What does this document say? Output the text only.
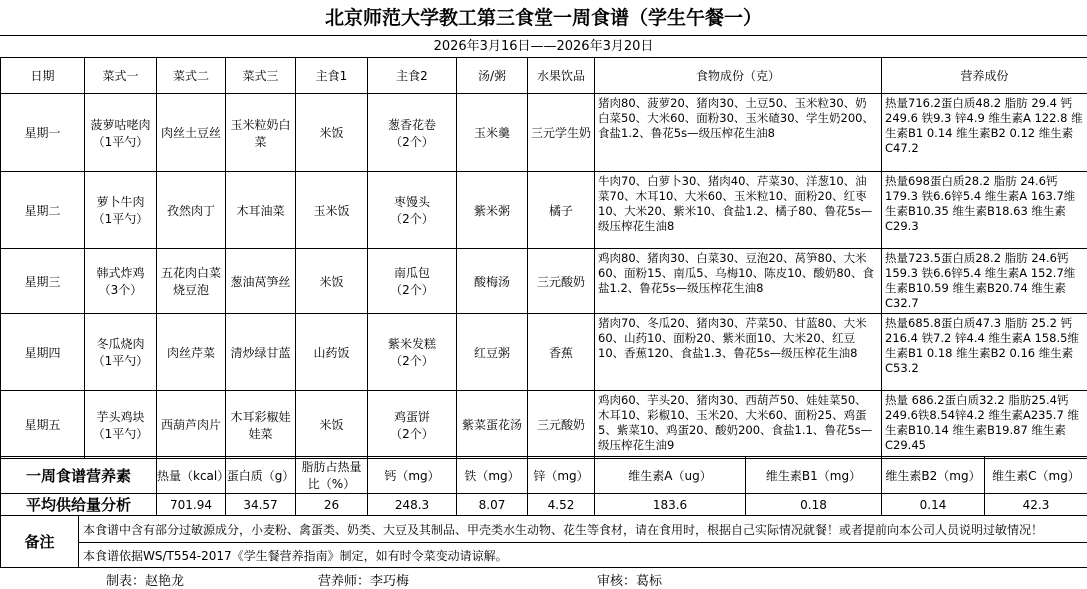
北京师范大学教工第三食堂一周食谱（学生午餐一）
2026年3月16日——2026年3月20日
日期	菜式一	菜式二	菜式三	主食1	主食2	汤/粥	水果饮品	食物成份（克）	营养成份
星期一	菠萝咕咾肉
（1平勺）	肉丝土豆丝	玉米粒奶白菜	米饭	葱香花卷
（2个）	玉米羹	三元学生奶	猪肉80、菠萝20、猪肉30、土豆50、玉米粒30、奶白菜50、大米60、面粉30、玉米碴30、学生奶200、食盐1.2、鲁花5s—级压榨花生油8	热量716.2蛋白质48.2 脂肪 29.4 钙249.6 铁9.3 锌4.9 维生素A 122.8 维生素B1 0.14 维生素B2 0.12 维生素C47.2
星期二	萝卜牛肉
（1平勺）	孜然肉丁	木耳油菜	玉米饭	枣馒头
（2个）	紫米粥	橘子	牛肉70、白萝卜30、猪肉40、芹菜30、洋葱10、油菜70、木耳10、大米60、玉米粒10、面粉20、红枣10、大米20、紫米10、食盐1.2、橘子80、鲁花5s—级压榨花生油8	热量698蛋白质28.2 脂肪 24.6钙179.3 铁6.6锌5.4 维生素A 163.7维生素B10.35 维生素B18.63 维生素C29.3
星期三	韩式炸鸡
（3个）	五花肉白菜烧豆泡	葱油莴笋丝	米饭	南瓜包
（2个）	酸梅汤	三元酸奶	鸡肉80、猪肉30、白菜30、豆泡20、莴笋80、大米60、面粉15、南瓜5、乌梅10、陈皮10、酸奶80、食盐1.2、鲁花5s—级压榨花生油8	热量723.5蛋白质28.2 脂肪 24.6钙159.3 铁6.6锌5.4 维生素A 152.7维生素B10.59 维生素B20.74 维生素C32.7
星期四	冬瓜烧肉
（1平勺）	肉丝芹菜	清炒绿甘蓝	山药饭	紫米发糕
（2个）	红豆粥	香蕉	猪肉70、冬瓜20、猪肉30、芹菜50、甘蓝80、大米60、山药10、面粉20、紫米面10、大米20、红豆10、香蕉120、食盐1.3、鲁花5s—级压榨花生油8	热量685.8蛋白质47.3 脂肪 25.2 钙216.4 铁7.2 锌4.4 维生素A 158.5维生素B1 0.18 维生素B2 0.16 维生素C53.2
星期五	芋头鸡块
（1平勺）	西葫芦肉片	木耳彩椒娃娃菜	米饭	鸡蛋饼
（2个）	紫菜蛋花汤	三元酸奶	鸡肉60、芋头20、猪肉30、西葫芦50、娃娃菜50、木耳10、彩椒10、玉米20、大米60、面粉25、鸡蛋5、紫菜10、鸡蛋20、酸奶200、食盐1.1、鲁花5s—级压榨花生油9	热量 686.2蛋白质32.2 脂肪25.4钙249.6铁8.54锌4.2 维生素A235.7 维生素B10.14 维生素B19.87 维生素C29.45
一周食谱营养素	热量（kcal）	蛋白质（g）	脂肪占热量比（%）	钙（mg）	铁（mg）	锌（mg）	维生素A（ug）	维生素B1（mg）	维生素B2（mg）	维生素C（mg）
平均供给量分析	701.94	34.57	26	248.3	8.07	4.52	183.6	0.18	0.14	42.3
备注	本食谱中含有部分过敏源成分，小麦粉、禽蛋类、奶类、大豆及其制品、甲壳类水生动物、花生等食材，请在食用时，根据自己实际情况就餐！或者提前向本公司人员说明过敏情况！
本食谱依据WS/T554-2017《学生餐营养指南》制定，如有时令菜变动请谅解。
制表：赵艳龙	营养师：李巧梅	审核：葛标
